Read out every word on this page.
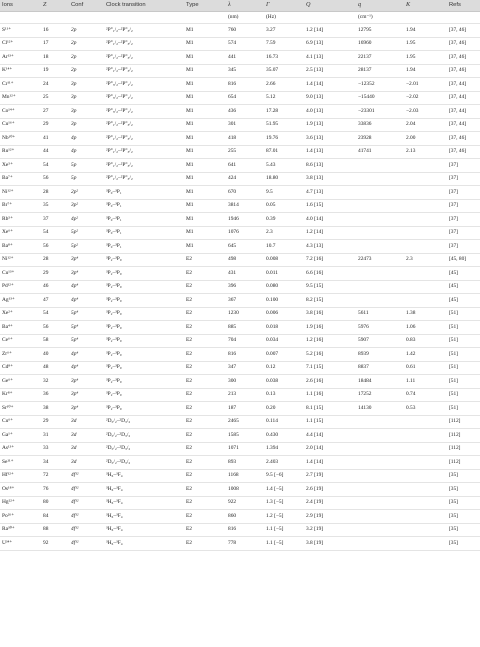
Ions	Z	Conf	Clock transition	Type	λ	Γ	Q	q	K	Refs
					(nm)	(Hz)		(cm⁻¹)		
S¹¹⁺	16	2p	²P°₁/₂–²P°₃/₂	M1	760	3.27	1.2 [14]	12795	1.94	[37, 46]
Cl¹²⁺	17	2p	²P°₁/₂–²P°₃/₂	M1	574	7.59	6.9 [13]	16960	1.95	[37, 46]
Ar¹³⁺	18	2p	²P°₁/₂–²P°₃/₂	M1	441	16.73	4.1 [13]	22137	1.95	[37, 46]
K¹⁴⁺	19	2p	²P°₁/₂–²P°₃/₂	M1	345	35.07	2.5 [13]	28137	1.94	[37, 46]
Cr¹¹⁺	24	3p	²P°₃/₂–²P°₁/₂	M1	816	2.66	1.4 [14]	−12352	−2.01	[37, 44]
Mn¹²⁺	25	3p	²P°₃/₂–²P°₁/₂	M1	654	5.12	9.0 [13]	−15440	−2.02	[37, 44]
Co¹⁴⁺	27	3p	²P°₃/₂–²P°₁/₂	M1	436	17.28	4.0 [13]	−23301	−2.03	[37, 44]
Cu¹⁶⁺	29	3p	²P°₁/₂–²P°₃/₂	M1	301	51.95	1.9 [13]	33836	2.04	[37, 44]
Nb¹⁰⁺	41	4p	²P°₁/₂–²P°₃/₂	M1	418	19.76	3.6 [13]	23928	2.00	[37, 46]
Ru¹²⁺	44	4p	²P°₁/₂–²P°₃/₂	M1	255	87.01	1.4 [13]	41741	2.13	[37, 46]
Xe⁵⁺	54	5p	²P°₁/₂–²P°₃/₂	M1	641	5.43	8.6 [13]			[37]
Ba⁷⁺	56	5p	²P°₁/₂–²P°₃/₂	M1	424	18.80	3.8 [13]			[37]
Ni¹²⁺	28	2p²	³P₀–³P₁	M1	670	9.5	4.7 [13]			[37]
Br⁷⁺	35	3p²	³P₀–³P₁	M1	3814	0.05	1.6 [15]			[37]
Rb⁵⁺	37	4p²	³P₀–³P₁	M1	1946	0.39	4.0 [14]			[37]
Xe⁶⁺	54	5p²	³P₀–³P₁	M1	1076	2.3	1.2 [14]			[37]
Ba⁸⁺	56	5p²	³P₀–³P₁	M1	645	10.7	4.3 [13]			[37]
Ni¹²⁺	28	3p⁴	³P₂–³P₀	E2	498	0.008	7.2 [16]	22473	2.3	[45, 80]
Cu¹³⁺	29	3p⁴	³P₂–³P₀	E2	431	0.011	6.6 [16]			[45]
Pd¹²⁺	46	4p⁴	³P₂–³P₀	E2	396	0.080	9.5 [15]			[45]
Ag¹³⁺	47	4p⁴	³P₂–³P₀	E2	367	0.100	8.2 [15]			[45]
Xe²⁺	54	5p⁴	³P₂–³P₀	E2	1230	0.006	3.8 [16]	5611	1.38	[51]
Ba⁴⁺	56	5p⁴	³P₂–³P₀	E2	885	0.018	1.9 [16]	5976	1.06	[51]
Ce⁶⁺	58	5p⁴	³P₂–³P₀	E2	704	0.034	1.2 [16]	5907	0.83	[51]
Zr⁶⁺	40	4p⁴	³P₂–³P₀	E2	816	0.007	5.2 [16]	8939	1.42	[51]
Cd⁸⁺	48	4p⁴	³P₂–³P₀	E2	347	0.12	7.1 [15]	8837	0.61	[51]
Ge⁶⁺	32	3p⁴	³P₂–³P₀	E2	300	0.038	2.6 [16]	18484	1.11	[51]
Kr⁸⁺	36	3p⁴	³P₂–³P₀	E2	213	0.13	1.1 [16]	17252	0.74	[51]
Sr¹⁰⁺	38	3p⁴	³P₂–³P₀	E2	187	0.20	8.1 [15]	14130	0.53	[51]
Cu⁶⁺	29	3d	²D₅/₂–²D₃/₂	E2	2465	0.114	1.1 [15]			[112]
Ga¹⁺	31	3d	²D₅/₂–²D₃/₂	E2	1585	0.430	4.4 [14]			[112]
As¹³⁺	33	3d	²D₅/₂–²D₃/₂	E2	1071	1.394	2.0 [14]			[112]
Se¹¹⁺	34	3d	²D₅/₂–²D₃/₂	E2	893	2.403	1.4 [14]			[112]
Hf¹²⁺	72	4f¹²	³H₆–³F₄	E2	1168	9.5 [−6]	2.7 [19]			[35]
Os¹⁸⁺	76	4f¹²	³H₆–³F₄	E2	1008	1.4 [−5]	2.6 [19]			[35]
Hg²²⁺	80	4f¹²	³H₆–³F₄	E2	922	1.3 [−5]	2.4 [19]			[35]
Po²⁶⁺	84	4f¹²	³H₆–³F₄	E2	860	1.2 [−5]	2.9 [19]			[35]
Ra³⁰⁺	88	4f¹²	³H₆–³F₄	E2	816	1.1 [−5]	3.2 [19]			[35]
U³⁴⁺	92	4f¹²	³H₆–³F₄	E2	778	1.1 [−5]	3.8 [19]			[35]
